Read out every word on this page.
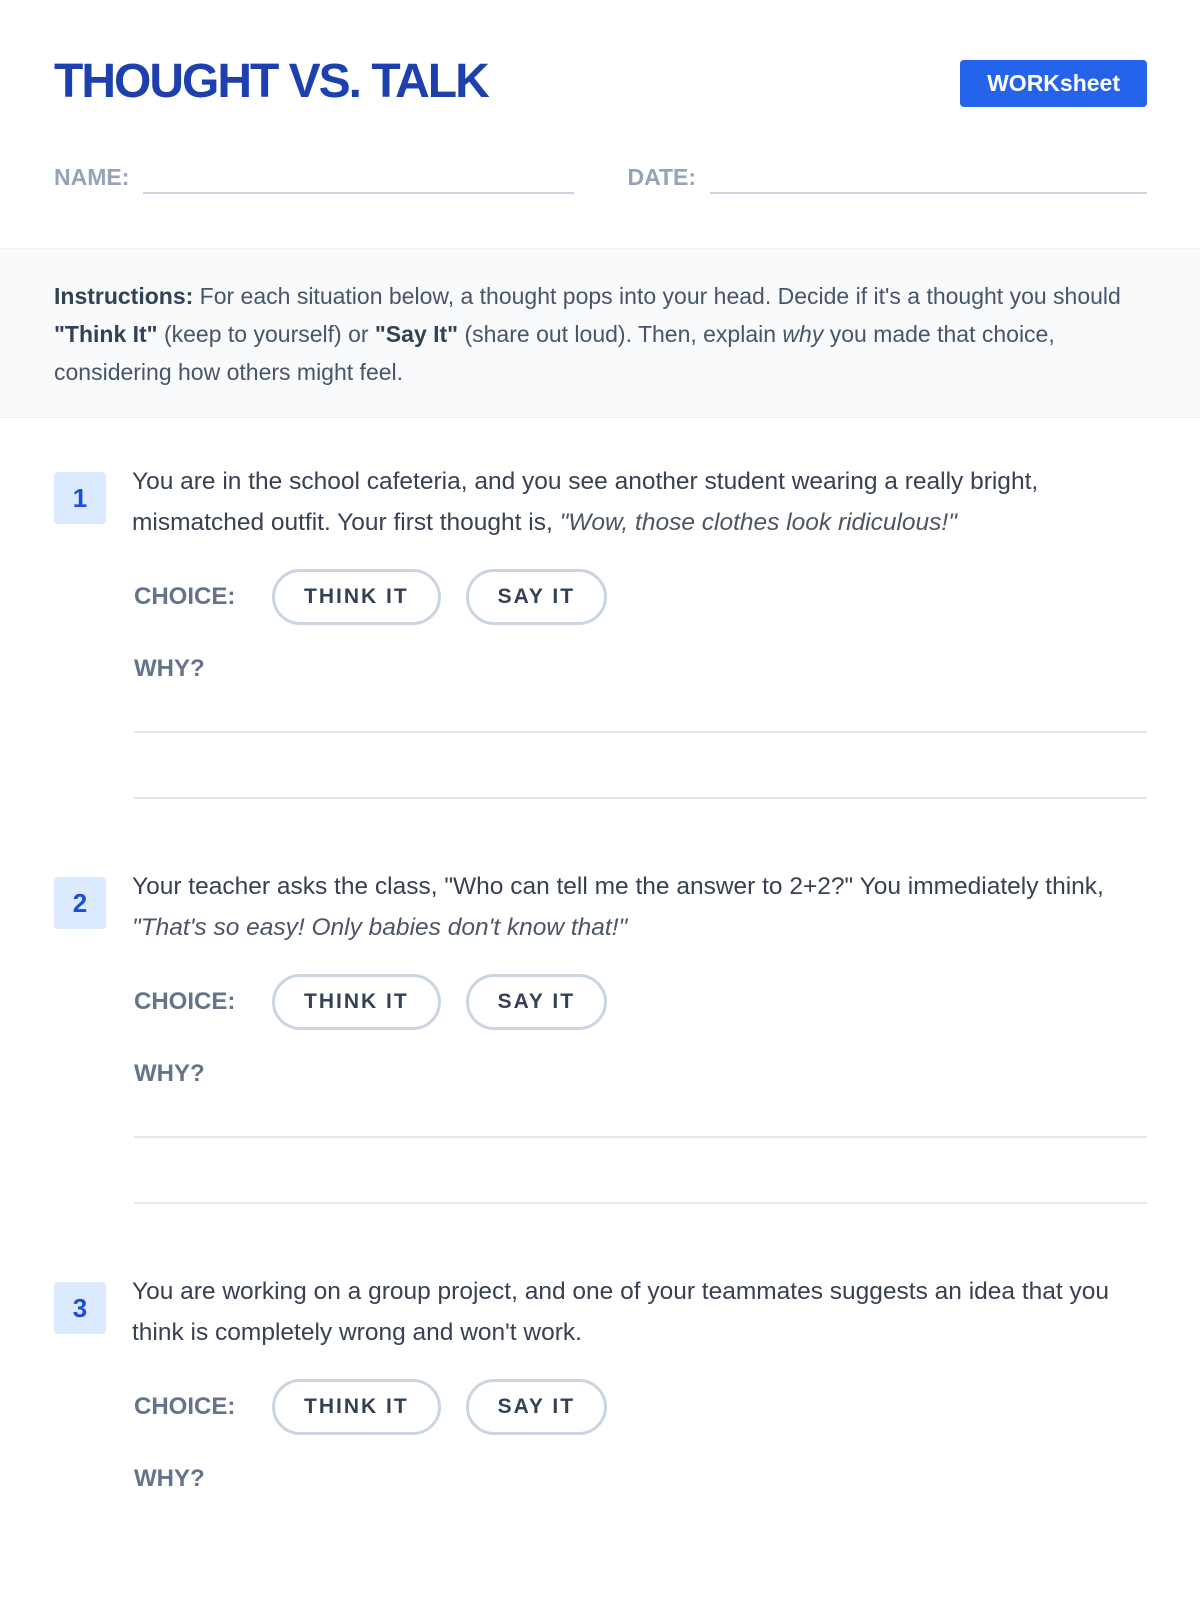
THOUGHT VS. TALK	WORKsheet
NAME:	DATE:
Instructions: For each situation below, a thought pops into your head. Decide if it's a thought you should "Think It" (keep to yourself) or "Say It" (share out loud). Then, explain why you made that choice, considering how others might feel.
1
You are in the school cafeteria, and you see another student wearing a really bright, mismatched outfit. Your first thought is, "Wow, those clothes look ridiculous!"
CHOICE:	THINK IT	SAY IT
WHY?
2
Your teacher asks the class, "Who can tell me the answer to 2+2?" You immediately think, "That's so easy! Only babies don't know that!"
CHOICE:	THINK IT	SAY IT
WHY?
3
You are working on a group project, and one of your teammates suggests an idea that you think is completely wrong and won't work.
CHOICE:	THINK IT	SAY IT
WHY?
